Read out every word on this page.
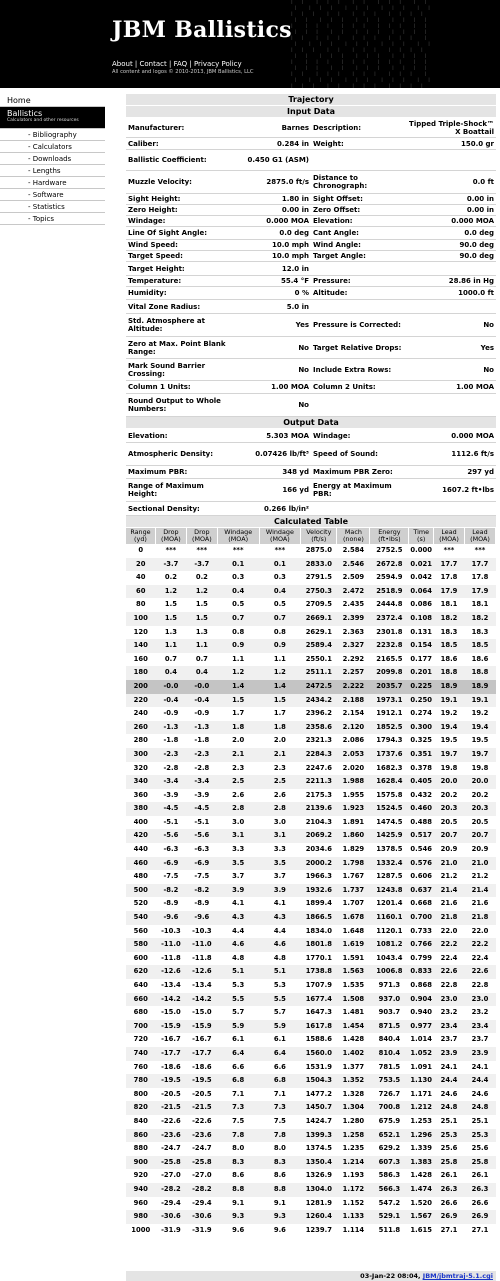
ǀ  ǀ   ǀ  ǀ  ǀ   ǀ  ǀ   ǀ  ǀ  ǀ   ǀ  ǀ
ǀ   ǀ  ǀ  ǀ   ǀ  ǀ  ǀ   ǀ  ǀ  ǀ   ǀ  ǀ
ǀ  ǀ  ǀ   ǀ  ǀ   ǀ  ǀ  ǀ   ǀ  ǀ  ǀ  ǀ
ǀ  ǀ   ǀ  ǀ  ǀ   ǀ  ǀ  ǀ   ǀ  ǀ  ǀ  ǀ
ǀ   ǀ  ǀ  ǀ   ǀ  ǀ  ǀ   ǀ  ǀ  ǀ   ǀ  ǀ
ǀ  ǀ  ǀ   ǀ  ǀ   ǀ  ǀ  ǀ   ǀ  ǀ  ǀ  ǀ
ǀ  ǀ   ǀ  ǀ  ǀ   ǀ  ǀ  ǀ   ǀ  ǀ  ǀ   ǀ
ǀ   ǀ  ǀ  ǀ   ǀ  ǀ  ǀ   ǀ  ǀ  ǀ   ǀ  ǀ
ǀ  ǀ  ǀ   ǀ  ǀ   ǀ  ǀ  ǀ   ǀ  ǀ  ǀ  ǀ
ǀ  ǀ   ǀ  ǀ  ǀ   ǀ  ǀ  ǀ   ǀ  ǀ  ǀ  ǀ
ǀ   ǀ  ǀ  ǀ   ǀ  ǀ  ǀ   ǀ  ǀ  ǀ   ǀ  ǀ
ǀ  ǀ  ǀ   ǀ  ǀ   ǀ  ǀ  ǀ   ǀ  ǀ  ǀ  ǀ
ǀ  ǀ   ǀ  ǀ  ǀ   ǀ  ǀ  ǀ   ǀ  ǀ  ǀ   ǀ
ǀ   ǀ  ǀ  ǀ   ǀ  ǀ  ǀ   ǀ  ǀ  ǀ   ǀ  ǀ
ǀ  ǀ  ǀ   ǀ  ǀ   ǀ  ǀ  ǀ   ǀ  ǀ  ǀ  ǀ
JBM Ballistics
About | Contact | FAQ | Privacy Policy
All content and logos © 2010-2013, JBM Ballistics, LLC
Home
Ballistics
Calculators and other resources
- Bibliography
- Calculators
- Downloads
- Lengths
- Hardware
- Software
- Statistics
- Topics
Trajectory
Input Data
Manufacturer:	Barnes Description:	Tipped Triple-Shock™ X Boattail
Caliber:	0.284 in Weight:	150.0 gr
Ballistic Coefficient:	0.450 G1 (ASM)
Muzzle Velocity:	2875.0 ft/s Distance to Chronograph:	0.0 ft
Sight Height:	1.80 in Sight Offset:	0.00 in
Zero Height:	0.00 in Zero Offset:	0.00 in
Windage:	0.000 MOA Elevation:	0.000 MOA
Line Of Sight Angle:	0.0 deg Cant Angle:	0.0 deg
Wind Speed:	10.0 mph Wind Angle:	90.0 deg
Target Speed:	10.0 mph Target Angle:	90.0 deg
Target Height:	12.0 in
Temperature:	55.4 °F Pressure:	28.86 in Hg
Humidity:	0 % Altitude:	1000.0 ft
Vital Zone Radius:	5.0 in
Std. Atmosphere at Altitude:	Yes Pressure is Corrected:	No
Zero at Max. Point Blank Range:	No Target Relative Drops:	Yes
Mark Sound Barrier Crossing:	No Include Extra Rows:	No
Column 1 Units:	1.00 MOA Column 2 Units:	1.00 MOA
Round Output to Whole Numbers:	No
Output Data
Elevation:	5.303 MOA Windage:	0.000 MOA
Atmospheric Density:	0.07426 lb/ft³ Speed of Sound:	1112.6 ft/s
Maximum PBR:	348 yd Maximum PBR Zero:	297 yd
Range of Maximum Height:	166 yd Energy at Maximum PBR:	1607.2 ft•lbs
Sectional Density:	0.266 lb/in²
Calculated Table
Range (yd)	Drop (MOA)	Drop (MOA)	Windage (MOA)	Windage (MOA)	Velocity (ft/s)	Mach (none)	Energy (ft•lbs)	Time (s)	Lead (MOA)	Lead (MOA)
0	***	***	***	***	2875.0	2.584	2752.5	0.000	***	***
20	-3.7	-3.7	0.1	0.1	2833.0	2.546	2672.8	0.021	17.7	17.7
40	0.2	0.2	0.3	0.3	2791.5	2.509	2594.9	0.042	17.8	17.8
60	1.2	1.2	0.4	0.4	2750.3	2.472	2518.9	0.064	17.9	17.9
80	1.5	1.5	0.5	0.5	2709.5	2.435	2444.8	0.086	18.1	18.1
100	1.5	1.5	0.7	0.7	2669.1	2.399	2372.4	0.108	18.2	18.2
120	1.3	1.3	0.8	0.8	2629.1	2.363	2301.8	0.131	18.3	18.3
140	1.1	1.1	0.9	0.9	2589.4	2.327	2232.8	0.154	18.5	18.5
160	0.7	0.7	1.1	1.1	2550.1	2.292	2165.5	0.177	18.6	18.6
180	0.4	0.4	1.2	1.2	2511.1	2.257	2099.8	0.201	18.8	18.8
200	-0.0	-0.0	1.4	1.4	2472.5	2.222	2035.7	0.225	18.9	18.9
220	-0.4	-0.4	1.5	1.5	2434.2	2.188	1973.1	0.250	19.1	19.1
240	-0.9	-0.9	1.7	1.7	2396.2	2.154	1912.1	0.274	19.2	19.2
260	-1.3	-1.3	1.8	1.8	2358.6	2.120	1852.5	0.300	19.4	19.4
280	-1.8	-1.8	2.0	2.0	2321.3	2.086	1794.3	0.325	19.5	19.5
300	-2.3	-2.3	2.1	2.1	2284.3	2.053	1737.6	0.351	19.7	19.7
320	-2.8	-2.8	2.3	2.3	2247.6	2.020	1682.3	0.378	19.8	19.8
340	-3.4	-3.4	2.5	2.5	2211.3	1.988	1628.4	0.405	20.0	20.0
360	-3.9	-3.9	2.6	2.6	2175.3	1.955	1575.8	0.432	20.2	20.2
380	-4.5	-4.5	2.8	2.8	2139.6	1.923	1524.5	0.460	20.3	20.3
400	-5.1	-5.1	3.0	3.0	2104.3	1.891	1474.5	0.488	20.5	20.5
420	-5.6	-5.6	3.1	3.1	2069.2	1.860	1425.9	0.517	20.7	20.7
440	-6.3	-6.3	3.3	3.3	2034.6	1.829	1378.5	0.546	20.9	20.9
460	-6.9	-6.9	3.5	3.5	2000.2	1.798	1332.4	0.576	21.0	21.0
480	-7.5	-7.5	3.7	3.7	1966.3	1.767	1287.5	0.606	21.2	21.2
500	-8.2	-8.2	3.9	3.9	1932.6	1.737	1243.8	0.637	21.4	21.4
520	-8.9	-8.9	4.1	4.1	1899.4	1.707	1201.4	0.668	21.6	21.6
540	-9.6	-9.6	4.3	4.3	1866.5	1.678	1160.1	0.700	21.8	21.8
560	-10.3	-10.3	4.4	4.4	1834.0	1.648	1120.1	0.733	22.0	22.0
580	-11.0	-11.0	4.6	4.6	1801.8	1.619	1081.2	0.766	22.2	22.2
600	-11.8	-11.8	4.8	4.8	1770.1	1.591	1043.4	0.799	22.4	22.4
620	-12.6	-12.6	5.1	5.1	1738.8	1.563	1006.8	0.833	22.6	22.6
640	-13.4	-13.4	5.3	5.3	1707.9	1.535	971.3	0.868	22.8	22.8
660	-14.2	-14.2	5.5	5.5	1677.4	1.508	937.0	0.904	23.0	23.0
680	-15.0	-15.0	5.7	5.7	1647.3	1.481	903.7	0.940	23.2	23.2
700	-15.9	-15.9	5.9	5.9	1617.8	1.454	871.5	0.977	23.4	23.4
720	-16.7	-16.7	6.1	6.1	1588.6	1.428	840.4	1.014	23.7	23.7
740	-17.7	-17.7	6.4	6.4	1560.0	1.402	810.4	1.052	23.9	23.9
760	-18.6	-18.6	6.6	6.6	1531.9	1.377	781.5	1.091	24.1	24.1
780	-19.5	-19.5	6.8	6.8	1504.3	1.352	753.5	1.130	24.4	24.4
800	-20.5	-20.5	7.1	7.1	1477.2	1.328	726.7	1.171	24.6	24.6
820	-21.5	-21.5	7.3	7.3	1450.7	1.304	700.8	1.212	24.8	24.8
840	-22.6	-22.6	7.5	7.5	1424.7	1.280	675.9	1.253	25.1	25.1
860	-23.6	-23.6	7.8	7.8	1399.3	1.258	652.1	1.296	25.3	25.3
880	-24.7	-24.7	8.0	8.0	1374.5	1.235	629.2	1.339	25.6	25.6
900	-25.8	-25.8	8.3	8.3	1350.4	1.214	607.3	1.383	25.8	25.8
920	-27.0	-27.0	8.6	8.6	1326.9	1.193	586.3	1.428	26.1	26.1
940	-28.2	-28.2	8.8	8.8	1304.0	1.172	566.3	1.474	26.3	26.3
960	-29.4	-29.4	9.1	9.1	1281.9	1.152	547.2	1.520	26.6	26.6
980	-30.6	-30.6	9.3	9.3	1260.4	1.133	529.1	1.567	26.9	26.9
1000	-31.9	-31.9	9.6	9.6	1239.7	1.114	511.8	1.615	27.1	27.1
03-Jan-22 08:04, JBM/jbmtraj-5.1.cgi
